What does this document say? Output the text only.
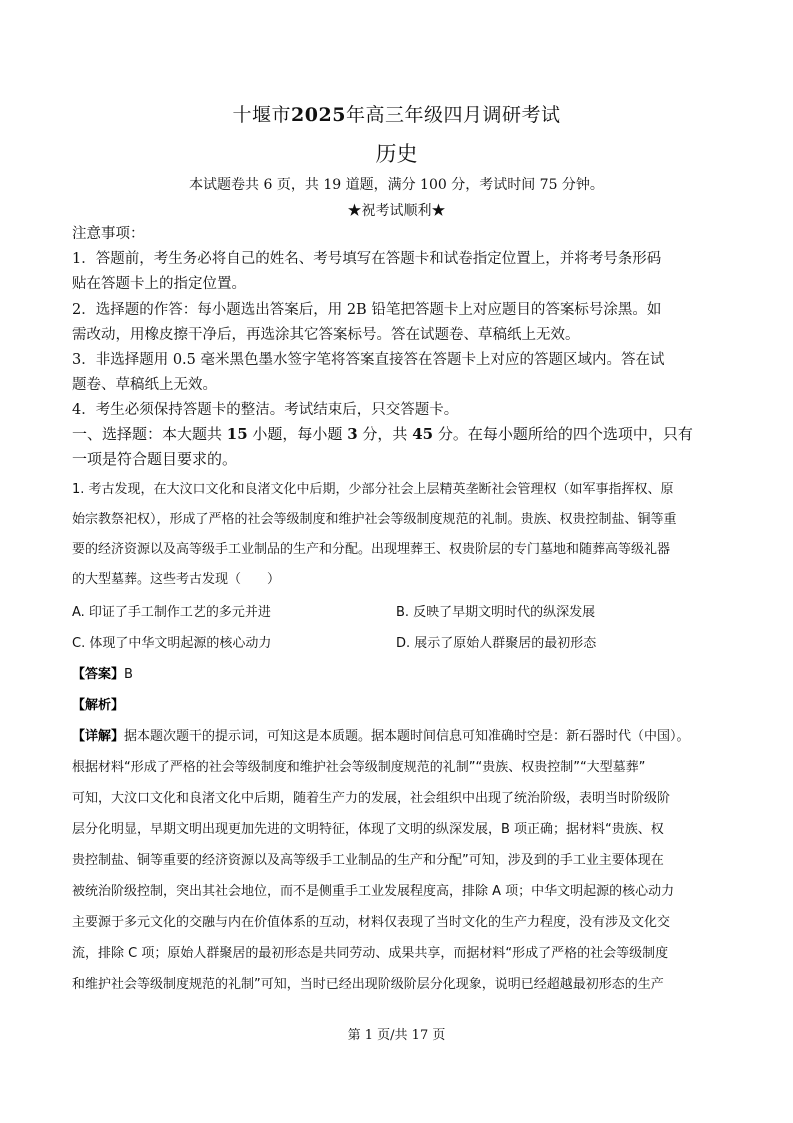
十堰市2025年高三年级四月调研考试
历史
本试题卷共 6 页，共 19 道题，满分 100 分，考试时间 75 分钟。
★祝考试顺利★
注意事项：
1．答题前，考生务必将自己的姓名、考号填写在答题卡和试卷指定位置上，并将考号条形码
贴在答题卡上的指定位置。
2．选择题的作答：每小题选出答案后，用 2B 铅笔把答题卡上对应题目的答案标号涂黑。如
需改动，用橡皮擦干净后，再选涂其它答案标号。答在试题卷、草稿纸上无效。
3．非选择题用 0.5 毫米黑色墨水签字笔将答案直接答在答题卡上对应的答题区域内。答在试
题卷、草稿纸上无效。
4．考生必须保持答题卡的整洁。考试结束后，只交答题卡。
一、选择题：本大题共 15 小题，每小题 3 分，共 45 分。在每小题所给的四个选项中，只有
一项是符合题目要求的。
1. 考古发现，在大汶口文化和良渚文化中后期，少部分社会上层精英垄断社会管理权（如军事指挥权、原
始宗教祭祀权），形成了严格的社会等级制度和维护社会等级制度规范的礼制。贵族、权贵控制盐、铜等重
要的经济资源以及高等级手工业制品的生产和分配。出现埋葬王、权贵阶层的专门墓地和随葬高等级礼器
的大型墓葬。这些考古发现（　　）
A. 印证了手工制作工艺的多元并进	B. 反映了早期文明时代的纵深发展
C. 体现了中华文明起源的核心动力	D. 展示了原始人群聚居的最初形态
【答案】B
【解析】
【详解】据本题次题干的提示词，可知这是本质题。据本题时间信息可知准确时空是：新石器时代（中国）。
根据材料“形成了严格的社会等级制度和维护社会等级制度规范的礼制”“贵族、权贵控制”“大型墓葬”
可知，大汶口文化和良渚文化中后期，随着生产力的发展，社会组织中出现了统治阶级，表明当时阶级阶
层分化明显，早期文明出现更加先进的文明特征，体现了文明的纵深发展，B 项正确；据材料“贵族、权
贵控制盐、铜等重要的经济资源以及高等级手工业制品的生产和分配”可知，涉及到的手工业主要体现在
被统治阶级控制，突出其社会地位，而不是侧重手工业发展程度高，排除 A 项；中华文明起源的核心动力
主要源于多元文化的交融与内在价值体系的互动，材料仅表现了当时文化的生产力程度，没有涉及文化交
流，排除 C 项；原始人群聚居的最初形态是共同劳动、成果共享，而据材料“形成了严格的社会等级制度
和维护社会等级制度规范的礼制”可知，当时已经出现阶级阶层分化现象，说明已经超越最初形态的生产
第 1 页/共 17 页
